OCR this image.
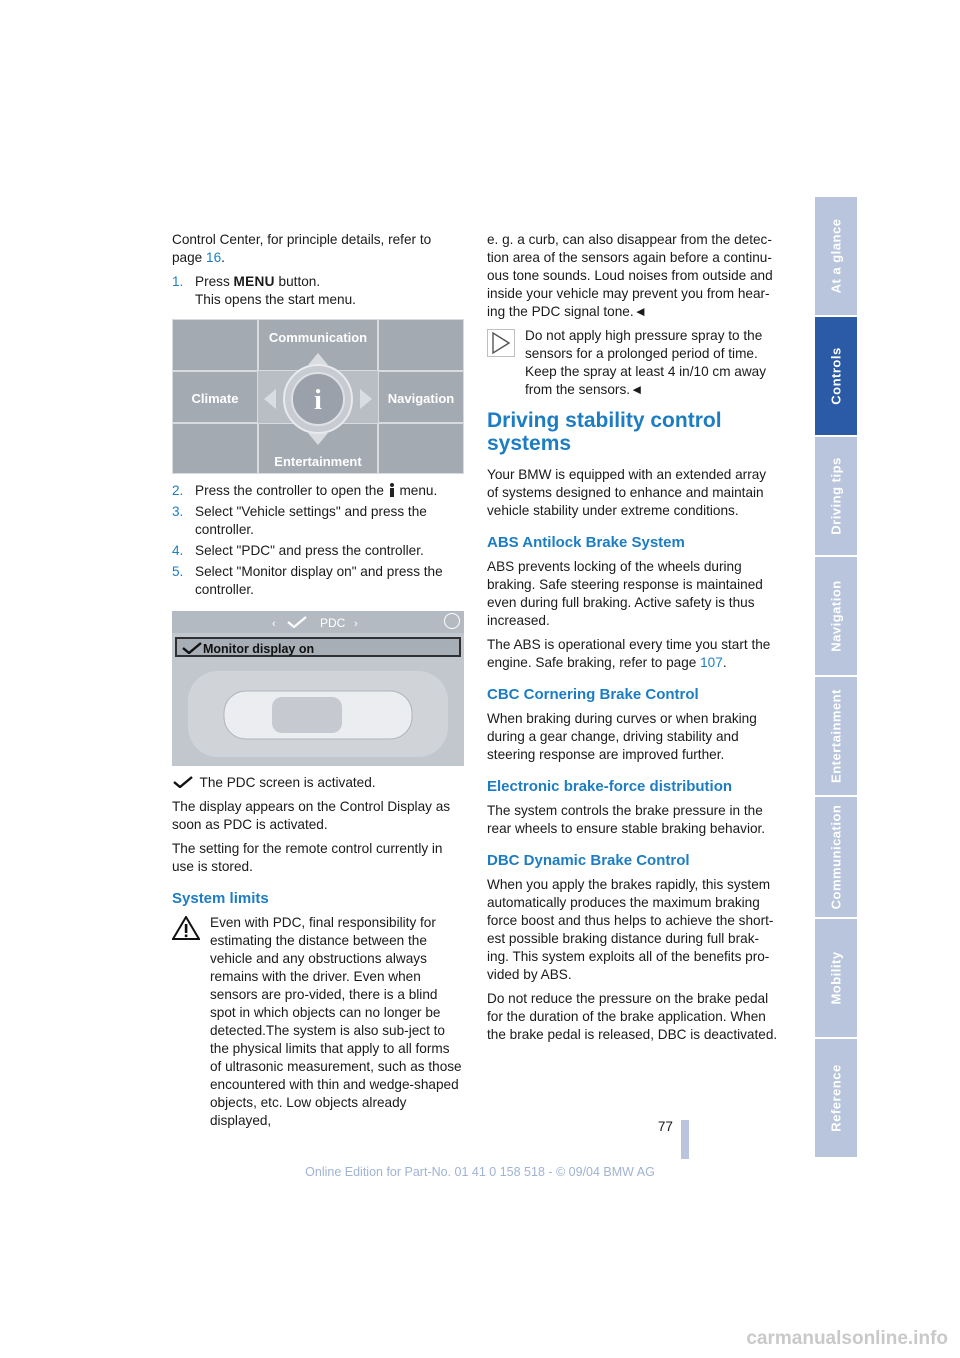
Control Center, for principle details, refer to page 16.

1. Press MENU button.
This opens the start menu.
Communication
Climate	Navigation
Entertainment
i
2. Press the controller to open the  menu.
3. Select "Vehicle settings" and press the controller.
4. Select "PDC" and press the controller.
5. Select "Monitor display on" and press the controller.
‹	PDC ›
Monitor display on

The PDC screen is activated.

The display appears on the Control Display as soon as PDC is activated.

The setting for the remote control currently in use is stored.

System limits

Even with PDC, final responsibility for estimating the distance between the vehicle and any obstructions always remains with the driver. Even when sensors are pro-vided, there is a blind spot in which objects can no longer be detected.The system is also sub-ject to the physical limits that apply to all forms of ultrasonic measurement, such as those encountered with thin and wedge-shaped objects, etc. Low objects already displayed,

e. g. a curb, can also disappear from the detec-tion area of the sensors again before a continu-ous tone sounds. Loud noises from outside and inside your vehicle may prevent you from hear-ing the PDC signal tone.◄

Do not apply high pressure spray to the sensors for a prolonged period of time. Keep the spray at least 4 in/10 cm away from the sensors.◄

Driving stability control systems

Your BMW is equipped with an extended array of systems designed to enhance and maintain vehicle stability under extreme conditions.

ABS Antilock Brake System

ABS prevents locking of the wheels during braking. Safe steering response is maintained even during full braking. Active safety is thus increased.

The ABS is operational every time you start the engine. Safe braking, refer to page 107.

CBC Cornering Brake Control

When braking during curves or when braking during a gear change, driving stability and steering response are improved further.

Electronic brake-force distribution

The system controls the brake pressure in the rear wheels to ensure stable braking behavior.

DBC Dynamic Brake Control

When you apply the brakes rapidly, this system automatically produces the maximum braking force boost and thus helps to achieve the short-est possible braking distance during full brak-ing. This system exploits all of the benefits pro-vided by ABS.

Do not reduce the pressure on the brake pedal for the duration of the brake application. When the brake pedal is released, DBC is deactivated.

At a glance
Controls
Driving tips
Navigation
Entertainment
Communication
Mobility
Reference
77
Online Edition for Part-No. 01 41 0 158 518 - © 09/04 BMW AG
carmanualsonline.info
